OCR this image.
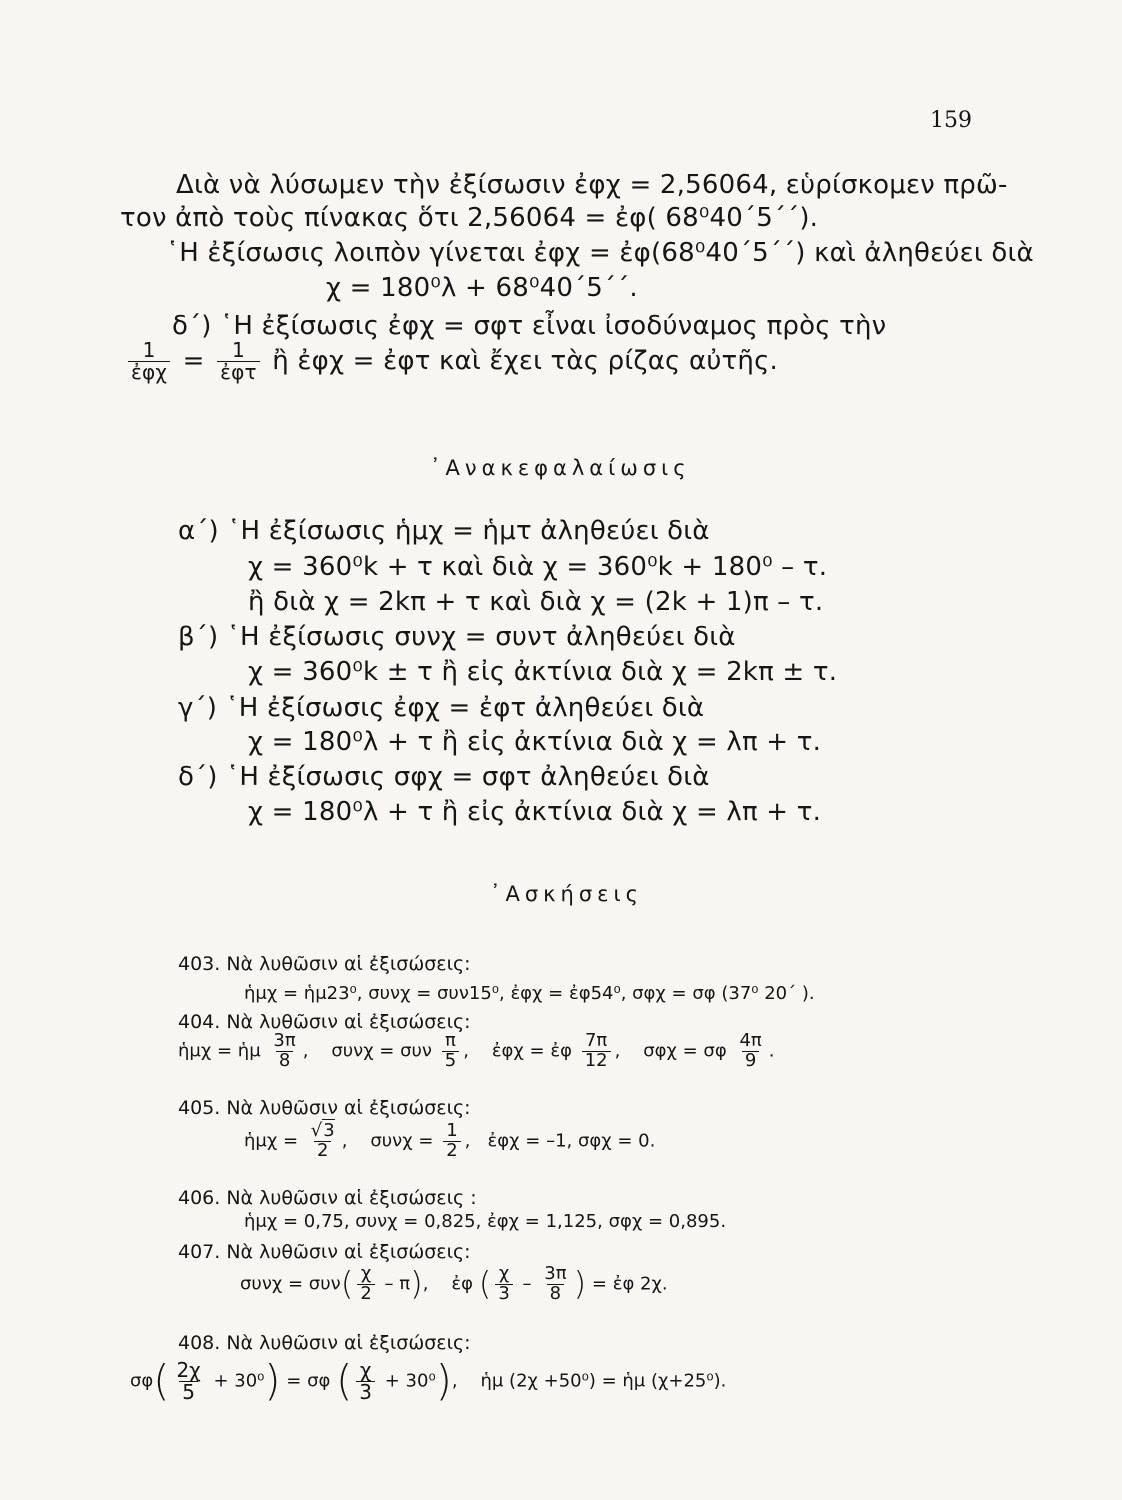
159
Διὰ νὰ λύσωμεν τὴν ἐξίσωσιν ἐφχ = 2,56064, εὑρίσκομεν πρῶ-
τον ἀπὸ τοὺς πίνακας ὅτι 2,56064 = ἐφ( 68⁰40΄5΄΄).
῾Η ἐξίσωσις λοιπὸν γίνεται ἐφχ = ἐφ(68⁰40΄5΄΄) καὶ ἀληθεύει διὰ
χ = 180⁰λ + 68⁰40΄5΄΄.
δ΄) ῾Η ἐξίσωσις ἐφχ = σφτ εἶναι ἰσοδύναμος πρὸς τὴν
$\frac{1}{\text{ἐφχ}} = \frac{1}{\text{ἐφτ}}$ ἢ ἐφχ = ἐφτ καὶ ἔχει τὰς ρίζας αὐτῆς.
᾽Ανακεφαλαίωσις
α΄) ῾Η ἐξίσωσις ἡμχ = ἡμτ ἀληθεύει διὰ
χ = 360⁰k + τ καὶ διὰ χ = 360⁰k + 180⁰ – τ.
ἢ διὰ χ = 2kπ + τ καὶ διὰ χ = (2k + 1)π – τ.
β΄) ῾Η ἐξίσωσις συνχ = συντ ἀληθεύει διὰ
χ = 360⁰k ± τ ἢ εἰς ἀκτίνια διὰ χ = 2kπ ± τ.
γ΄) ῾Η ἐξίσωσις ἐφχ = ἐφτ ἀληθεύει διὰ
χ = 180⁰λ + τ ἢ εἰς ἀκτίνια διὰ χ = λπ + τ.
δ΄) ῾Η ἐξίσωσις σφχ = σφτ ἀληθεύει διὰ
χ = 180⁰λ + τ ἢ εἰς ἀκτίνια διὰ χ = λπ + τ.
᾽Ασκήσεις
403. Νὰ λυθῶσιν αἱ ἐξισώσεις:
ἡμχ = ἡμ23⁰, συνχ = συν15⁰, ἐφχ = ἐφ54⁰, σφχ = σφ (37⁰ 20΄ ).
404. Νὰ λυθῶσιν αἱ ἐξισώσεις:
ἡμχ = ἡμ $\frac{3\pi}{8}$ , συνχ = συν $\frac{\pi}{5}$ , ἐφχ = ἐφ $\frac{7\pi}{12}$ , σφχ = σφ $\frac{4\pi}{9}$ .
405. Νὰ λυθῶσιν αἱ ἐξισώσεις:
ἡμχ = $\frac{√3}{2}$ , $\sigma\upsilon\nu\chi = \frac{1}{2}$ , ἐφχ = –1, σφχ = 0.
406. Νὰ λυθῶσιν αἱ ἐξισώσεις :
ἡμχ = 0,75, συνχ = 0,825, ἐφχ = 1,125, σφχ = 0,895.
407. Νὰ λυθῶσιν αἱ ἐξισώσεις:
$\sigma\upsilon\nu\chi = \sigma\upsilon\nu( \frac{\chi}{2} - \pi)$, ἐφ ( $\frac{\chi}{3} - \frac{3\pi}{8}$ ) = ἐφ 2χ.
408. Νὰ λυθῶσιν αἱ ἐξισώσεις:
$\sigma\varphi( \frac{2\chi}{5} + 30^0) = \sigma\varphi$ ( $\frac{\chi}{3} + 30^0$), ἡμ (2χ +50⁰) = ἡμ (χ+25⁰).
